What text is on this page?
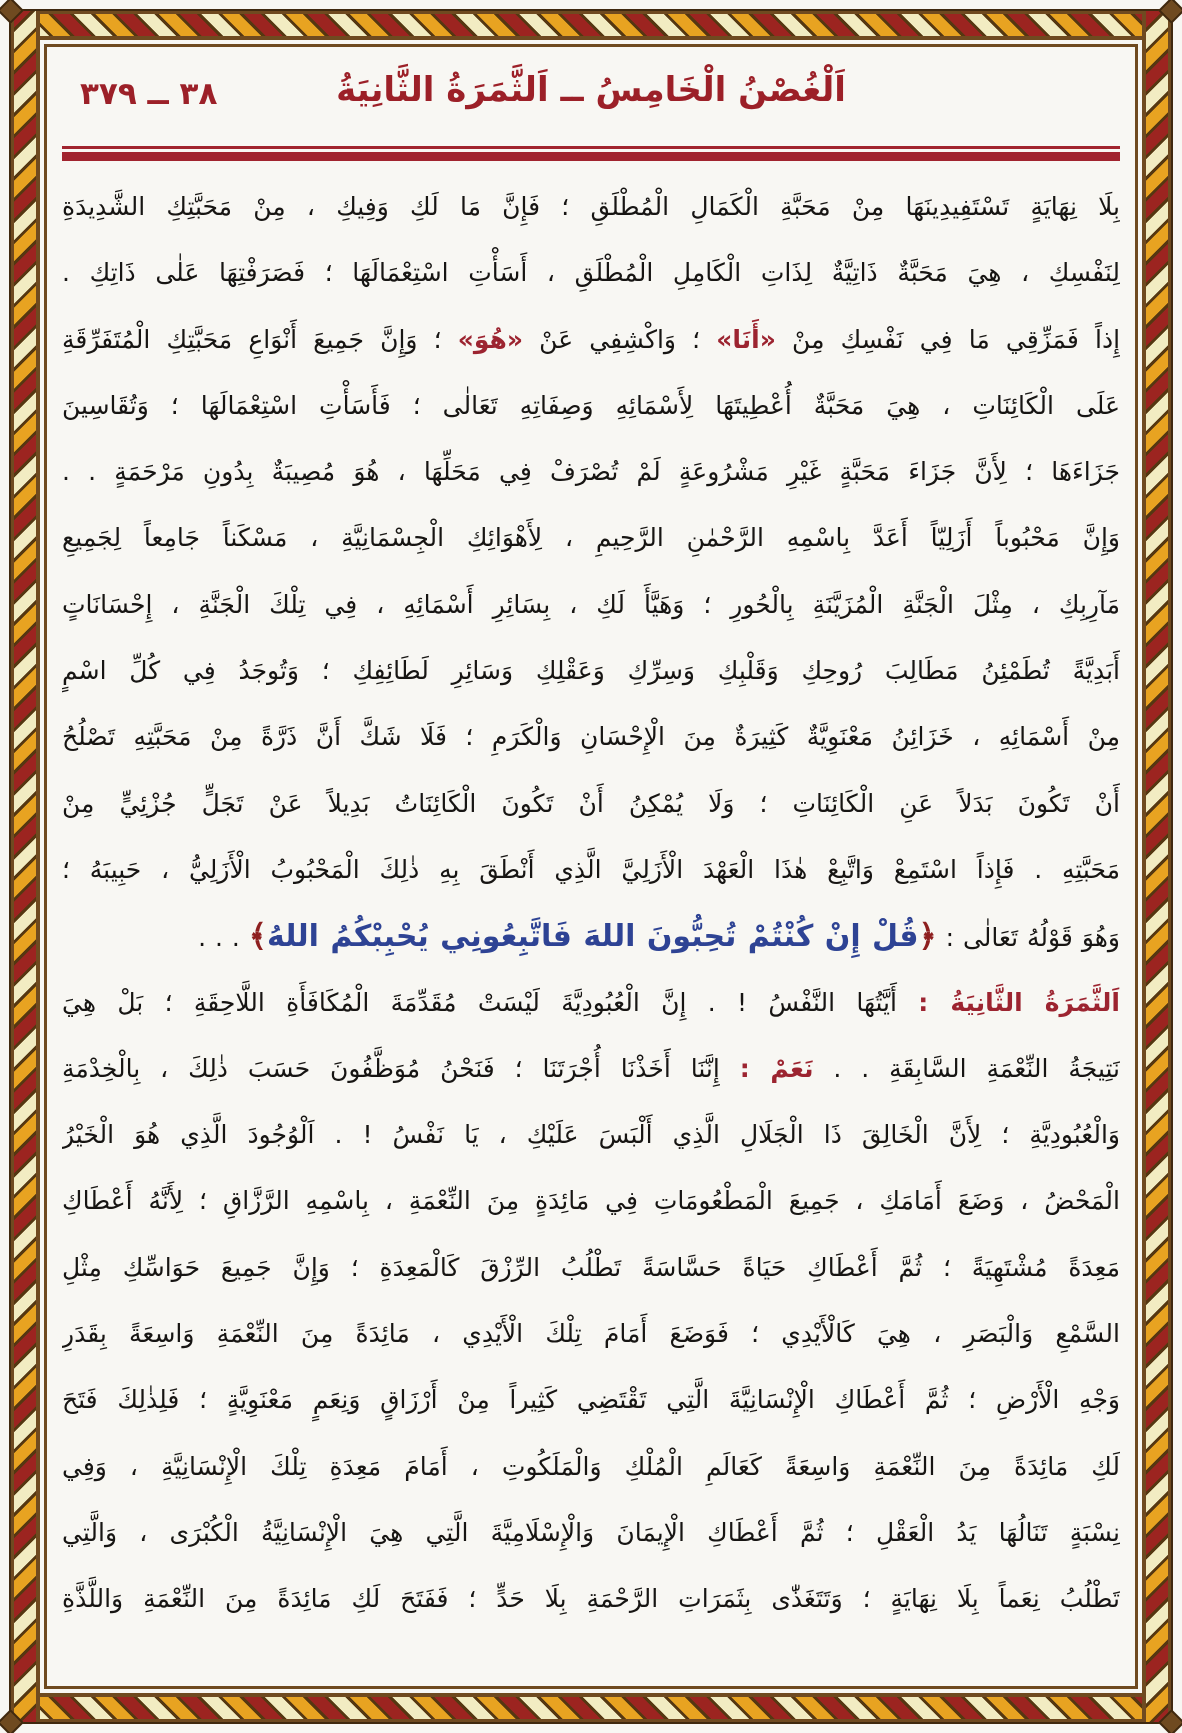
٣٨ ــ ٣٧٩	اَلْغُصْنُ الْخَامِسُ ــ اَلثَّمَرَةُ الثَّانِيَةُ
بِلَا نِهَايَةٍ تَسْتَفِيدِينَهَا مِنْ مَحَبَّةِ الْكَمَالِ الْمُطْلَقِ ؛ فَإِنَّ مَا لَكِ وَفِيكِ ، مِنْ مَحَبَّتِكِ الشَّدِيدَةِ
لِنَفْسِكِ ، هِيَ مَحَبَّةٌ ذَاتِيَّةٌ لِذَاتِ الْكَامِلِ الْمُطْلَقِ ، أَسَأْتِ اسْتِعْمَالَهَا ؛ فَصَرَفْتِهَا عَلٰى ذَاتِكِ .
إِذاً فَمَزِّقِي مَا فِي نَفْسِكِ مِنْ «أَنَا» ؛ وَاكْشِفِي عَنْ «هُوَ» ؛ وَإِنَّ جَمِيعَ أَنْوَاعِ مَحَبَّتِكِ الْمُتَفَرِّقَةِ
عَلَى الْكَائِنَاتِ ، هِيَ مَحَبَّةٌ أُعْطِيتَهَا لِأَسْمَائِهِ وَصِفَاتِهِ تَعَالٰى ؛ فَأَسَأْتِ اسْتِعْمَالَهَا ؛ وَتُقَاسِينَ
جَزَاءَهَا ؛ لِأَنَّ جَزَاءَ مَحَبَّةٍ غَيْرِ مَشْرُوعَةٍ لَمْ تُصْرَفْ فِي مَحَلِّهَا ، هُوَ مُصِيبَةٌ بِدُونِ مَرْحَمَةٍ . .
وَإِنَّ مَحْبُوباً أَزَلِيّاً أَعَدَّ بِاسْمِهِ الرَّحْمٰنِ الرَّحِيمِ ، لِأَهْوَائِكِ الْجِسْمَانِيَّةِ ، مَسْكَناً جَامِعاً لِجَمِيعِ
مَآرِبِكِ ، مِثْلَ الْجَنَّةِ الْمُزَيَّنَةِ بِالْحُورِ ؛ وَهَيَّأَ لَكِ ، بِسَائِرِ أَسْمَائِهِ ، فِي تِلْكَ الْجَنَّةِ ، إِحْسَانَاتٍ
أَبَدِيَّةً تُطَمْئِنُ مَطَالِبَ رُوحِكِ وَقَلْبِكِ وَسِرِّكِ وَعَقْلِكِ وَسَائِرِ لَطَائِفِكِ ؛ وَتُوجَدُ فِي كُلِّ اسْمٍ
مِنْ أَسْمَائِهِ ، خَزَائِنُ مَعْنَوِيَّةٌ كَثِيرَةٌ مِنَ الْإِحْسَانِ وَالْكَرَمِ ؛ فَلَا شَكَّ أَنَّ ذَرَّةً مِنْ مَحَبَّتِهِ تَصْلُحُ
أَنْ تَكُونَ بَدَلاً عَنِ الْكَائِنَاتِ ؛ وَلَا يُمْكِنُ أَنْ تَكُونَ الْكَائِنَاتُ بَدِيلاً عَنْ تَجَلٍّ جُزْئِيٍّ مِنْ
مَحَبَّتِهِ . فَإِذاً اسْتَمِعْ وَاتَّبِعْ هٰذَا الْعَهْدَ الْأَزَلِيَّ الَّذِي أَنْطَقَ بِهِ ذٰلِكَ الْمَحْبُوبُ الْأَزَلِيُّ ، حَبِيبَهُ ؛
وَهُوَ قَوْلُهُ تَعَالٰى : ﴿قُلْ إِنْ كُنْتُمْ تُحِبُّونَ اللهَ فَاتَّبِعُونِي يُحْبِبْكُمُ اللهُ﴾ . . .
اَلثَّمَرَةُ الثَّانِيَةُ : أَيَّتُهَا النَّفْسُ ! . إِنَّ الْعُبُودِيَّةَ لَيْسَتْ مُقَدِّمَةَ الْمُكَافَأَةِ اللَّاحِقَةِ ؛ بَلْ هِيَ
نَتِيجَةُ النِّعْمَةِ السَّابِقَةِ . . نَعَمْ : إِنَّنَا أَخَذْنَا أُجْرَتَنَا ؛ فَنَحْنُ مُوَظَّفُونَ حَسَبَ ذٰلِكَ ، بِالْخِدْمَةِ
وَالْعُبُودِيَّةِ ؛ لِأَنَّ الْخَالِقَ ذَا الْجَلَالِ الَّذِي أَلْبَسَ عَلَيْكِ ، يَا نَفْسُ ! . اَلْوُجُودَ الَّذِي هُوَ الْخَيْرُ
الْمَحْضُ ، وَضَعَ أَمَامَكِ ، جَمِيعَ الْمَطْعُومَاتِ فِي مَائِدَةٍ مِنَ النِّعْمَةِ ، بِاسْمِهِ الرَّزَّاقِ ؛ لِأَنَّهُ أَعْطَاكِ
مَعِدَةً مُشْتَهِيَةً ؛ ثُمَّ أَعْطَاكِ حَيَاةً حَسَّاسَةً تَطْلُبُ الرِّزْقَ كَالْمَعِدَةِ ؛ وَإِنَّ جَمِيعَ حَوَاسِّكِ مِثْلِ
السَّمْعِ وَالْبَصَرِ ، هِيَ كَالْأَيْدِي ؛ فَوَضَعَ أَمَامَ تِلْكَ الْأَيْدِي ، مَائِدَةً مِنَ النِّعْمَةِ وَاسِعَةً بِقَدَرِ
وَجْهِ الْأَرْضِ ؛ ثُمَّ أَعْطَاكِ الْإِنْسَانِيَّةَ الَّتِي تَقْتَضِي كَثِيراً مِنْ أَرْزَاقٍ وَنِعَمٍ مَعْنَوِيَّةٍ ؛ فَلِذٰلِكَ فَتَحَ
لَكِ مَائِدَةً مِنَ النِّعْمَةِ وَاسِعَةً كَعَالَمِ الْمُلْكِ وَالْمَلَكُوتِ ، أَمَامَ مَعِدَةِ تِلْكَ الْإِنْسَانِيَّةِ ، وَفِي
نِسْبَةٍ تَنَالُهَا يَدُ الْعَقْلِ ؛ ثُمَّ أَعْطَاكِ الْإِيمَانَ وَالْإِسْلَامِيَّةَ الَّتِي هِيَ الْإِنْسَانِيَّةُ الْكُبْرَى ، وَالَّتِي
تَطْلُبُ نِعَماً بِلَا نِهَايَةٍ ؛ وَتَتَغَذّٰى بِثَمَرَاتِ الرَّحْمَةِ بِلَا حَدٍّ ؛ فَفَتَحَ لَكِ مَائِدَةً مِنَ النِّعْمَةِ وَاللَّذَّةِ
